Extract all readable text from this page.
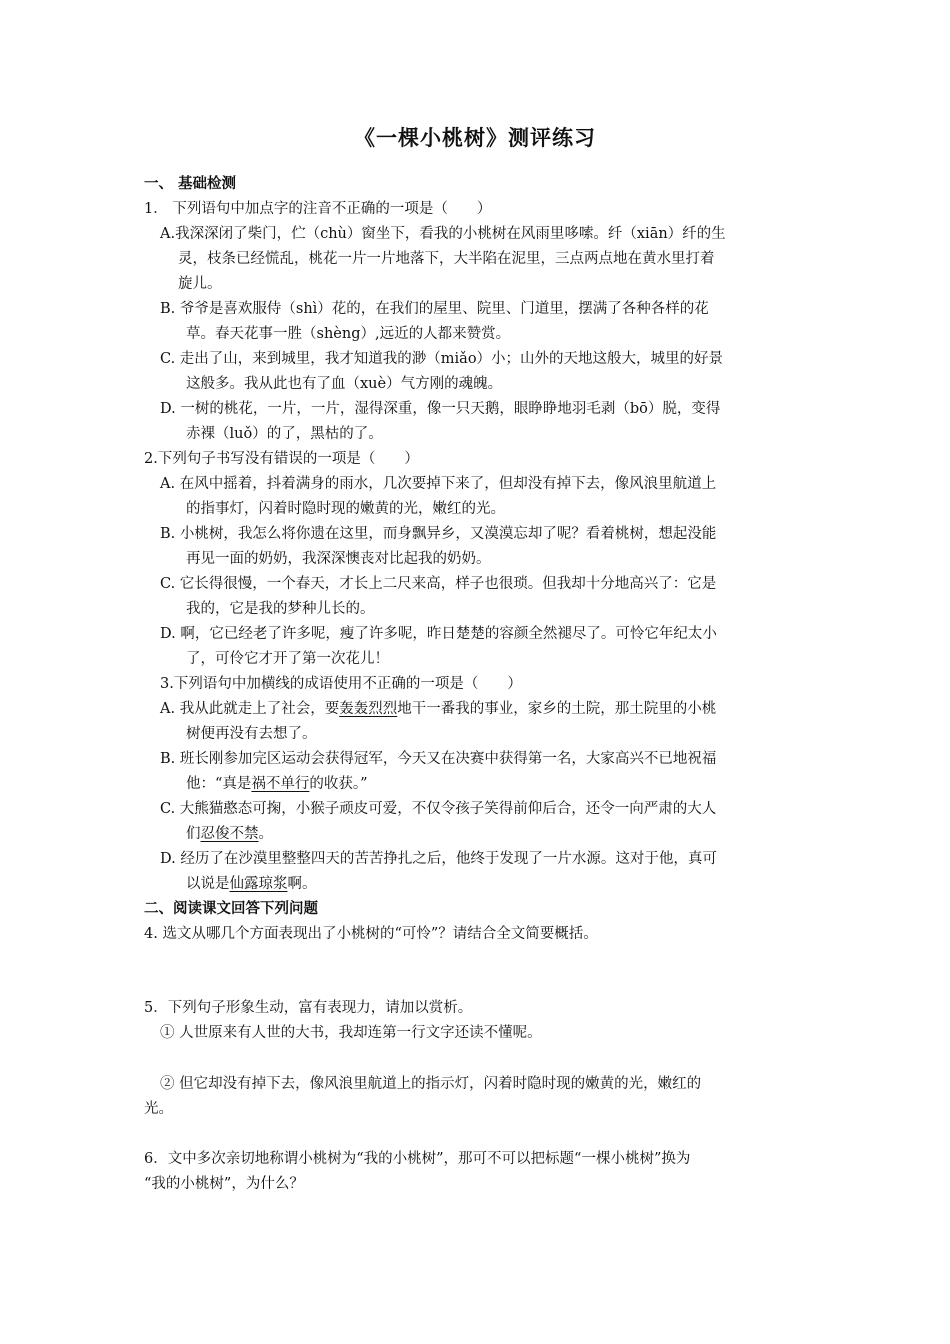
《一棵小桃树》测评练习
一、 基础检测
1． 下列语句中加点字的注音不正确的一项是（　　）
A.我深深闭了柴门，伫（chù）窗坐下，看我的小桃树在风雨里哆嗦。纤（xiān）纤的生
灵，枝条已经慌乱，桃花一片一片地落下，大半陷在泥里，三点两点地在黄水里打着
旋儿。
B. 爷爷是喜欢服侍（shì）花的，在我们的屋里、院里、门道里，摆满了各种各样的花
草。春天花事一胜（shèng）,远近的人都来赞赏。
C. 走出了山，来到城里，我才知道我的渺（miǎo）小；山外的天地这般大，城里的好景
这般多。我从此也有了血（xuè）气方刚的魂魄。
D. 一树的桃花，一片，一片，湿得深重，像一只天鹅，眼睁睁地羽毛剥（bō）脱，变得
赤裸（luǒ）的了，黑枯的了。
2.下列句子书写没有错误的一项是（　　）
A. 在风中摇着，抖着满身的雨水，几次要掉下来了，但却没有掉下去，像风浪里航道上
的指事灯，闪着时隐时现的嫩黄的光，嫩红的光。
B. 小桃树，我怎么将你遗在这里，而身飘异乡，又漠漠忘却了呢？看着桃树，想起没能
再见一面的奶奶，我深深懊丧对比起我的奶奶。
C. 它长得很慢，一个春天，才长上二尺来高，样子也很琐。但我却十分地高兴了：它是
我的，它是我的梦种儿长的。
D. 啊，它已经老了许多呢，瘦了许多呢，昨日楚楚的容颜全然褪尽了。可怜它年纪太小
了，可伶它才开了第一次花儿！
3.下列语句中加横线的成语使用不正确的一项是（　　）
A. 我从此就走上了社会，要轰轰烈烈地干一番我的事业，家乡的土院，那土院里的小桃
树便再没有去想了。
B. 班长刚参加完区运动会获得冠军，今天又在决赛中获得第一名，大家高兴不已地祝福
他：“真是祸不单行的收获。”
C. 大熊猫憨态可掬，小猴子顽皮可爱，不仅令孩子笑得前仰后合，还令一向严肃的大人
们忍俊不禁。
D. 经历了在沙漠里整整四天的苦苦挣扎之后，他终于发现了一片水源。这对于他，真可
以说是仙露琼浆啊。
二、阅读课文回答下列问题
4. 选文从哪几个方面表现出了小桃树的“可怜”？请结合全文简要概括。
5．下列句子形象生动，富有表现力，请加以赏析。
① 人世原来有人世的大书，我却连第一行文字还读不懂呢。
② 但它却没有掉下去，像风浪里航道上的指示灯，闪着时隐时现的嫩黄的光，嫩红的
光。
6．文中多次亲切地称谓小桃树为“我的小桃树”，那可不可以把标题“一棵小桃树”换为
“我的小桃树”，为什么？
